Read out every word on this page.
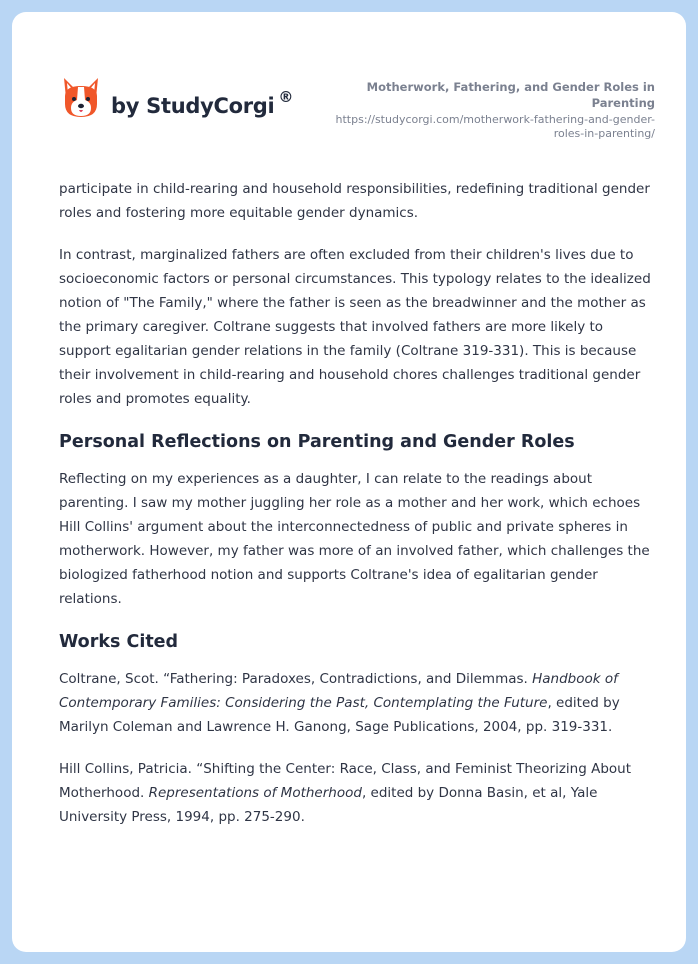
by StudyCorgi ®
Motherwork, Fathering, and Gender Roles in Parenting
https://studycorgi.com/motherwork-fathering-and-gender-
roles-in-parenting/

participate in child-rearing and household responsibilities, redefining traditional gender roles and fostering more equitable gender dynamics.

In contrast, marginalized fathers are often excluded from their children's lives due to socioeconomic factors or personal circumstances. This typology relates to the idealized notion of "The Family," where the father is seen as the breadwinner and the mother as the primary caregiver. Coltrane suggests that involved fathers are more likely to support egalitarian gender relations in the family (Coltrane 319-331). This is because their involvement in child-rearing and household chores challenges traditional gender roles and promotes equality.

Personal Reflections on Parenting and Gender Roles

Reflecting on my experiences as a daughter, I can relate to the readings about parenting. I saw my mother juggling her role as a mother and her work, which echoes Hill Collins' argument about the interconnectedness of public and private spheres in motherwork. However, my father was more of an involved father, which challenges the biologized fatherhood notion and supports Coltrane's idea of egalitarian gender relations.

Works Cited

Coltrane, Scot. “Fathering: Paradoxes, Contradictions, and Dilemmas. Handbook of Contemporary Families: Considering the Past, Contemplating the Future, edited by Marilyn Coleman and Lawrence H. Ganong, Sage Publications, 2004, pp. 319-331.

Hill Collins, Patricia. “Shifting the Center: Race, Class, and Feminist Theorizing About Motherhood. Representations of Motherhood, edited by Donna Basin, et al, Yale University Press, 1994, pp. 275-290.
